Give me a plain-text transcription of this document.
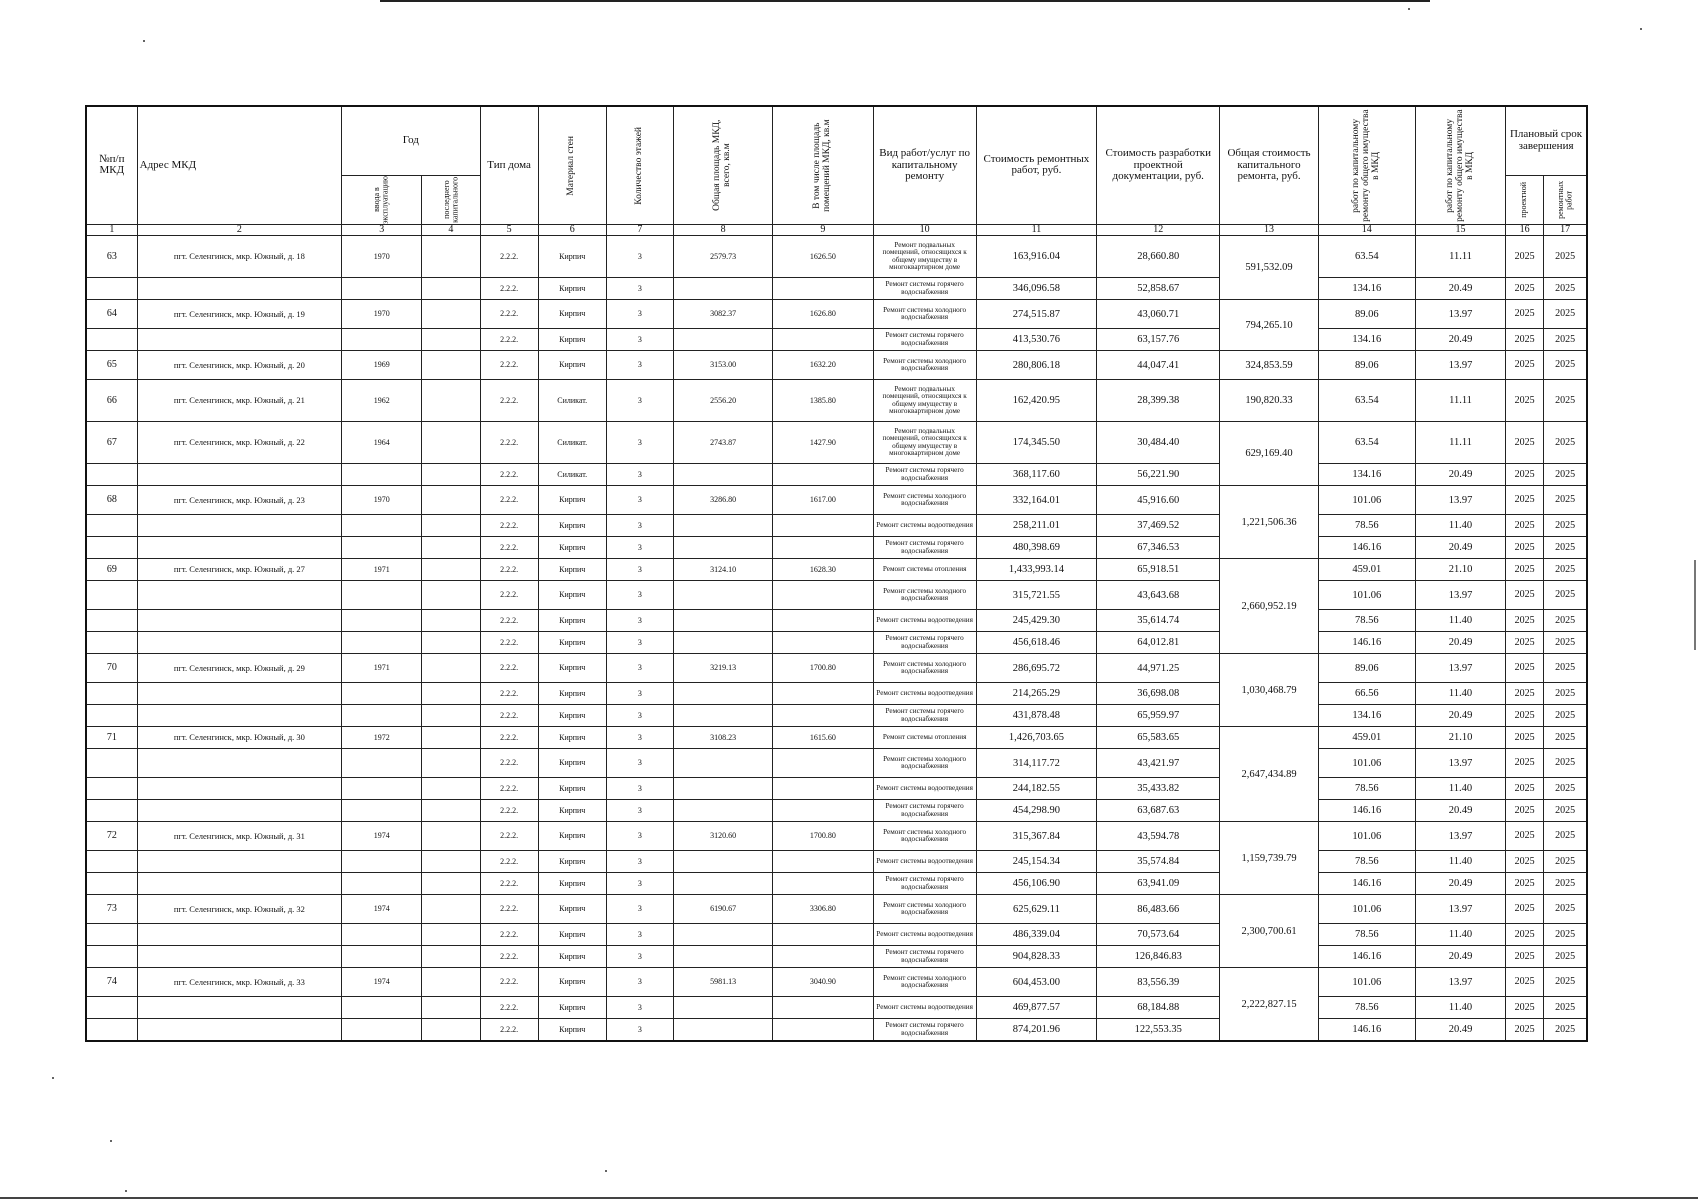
№п/п МКД	Адрес МКД	Год		Тип дома	Материал стен	Количество этажей	Общая площадь МКД, всего, кв.м	В том числе площадь помещений МКД, кв.м	Вид работ/услуг по капитальному ремонту	Стоимость ремонтных работ, руб.	Стоимость разработки проектной документации, руб.	Общая стоимость капитального ремонта, руб.	работ по капитальному ремонту общего имущества в МКД	работ по капитальному ремонту общего имущества в МКД	Плановый срок завершения	

		ввода в эксплуатацию	последнего капитального												проектной	ремонтных работ

1	2	3	4	5	6	7	8	9	10	11	12	13	14	15	16	17
63	пгт. Селенгинск, мкр. Южный, д. 18	1970		2.2.2.	Кирпич	3	2579.73	1626.50	Ремонт подвальных помещений, относящихся к общему имуществу в многоквартирном доме	163,916.04	28,660.80	591,532.09	63.54	11.11	2025	2025
				2.2.2.	Кирпич	3			Ремонт системы горячего водоснабжения	346,096.58	52,858.67		134.16	20.49	2025	2025
64	пгт. Селенгинск, мкр. Южный, д. 19	1970		2.2.2.	Кирпич	3	3082.37	1626.80	Ремонт системы холодного водоснабжения	274,515.87	43,060.71	794,265.10	89.06	13.97	2025	2025
				2.2.2.	Кирпич	3			Ремонт системы горячего водоснабжения	413,530.76	63,157.76		134.16	20.49	2025	2025
65	пгт. Селенгинск, мкр. Южный, д. 20	1969		2.2.2.	Кирпич	3	3153.00	1632.20	Ремонт системы холодного водоснабжения	280,806.18	44,047.41	324,853.59	89.06	13.97	2025	2025
66	пгт. Селенгинск, мкр. Южный, д. 21	1962		2.2.2.	Силикат.	3	2556.20	1385.80	Ремонт подвальных помещений, относящихся к общему имуществу в многоквартирном доме	162,420.95	28,399.38	190,820.33	63.54	11.11	2025	2025
67	пгт. Селенгинск, мкр. Южный, д. 22	1964		2.2.2.	Силикат.	3	2743.87	1427.90	Ремонт подвальных помещений, относящихся к общему имуществу в многоквартирном доме	174,345.50	30,484.40	629,169.40	63.54	11.11	2025	2025
				2.2.2.	Силикат.	3			Ремонт системы горячего водоснабжения	368,117.60	56,221.90		134.16	20.49	2025	2025
68	пгт. Селенгинск, мкр. Южный, д. 23	1970		2.2.2.	Кирпич	3	3286.80	1617.00	Ремонт системы холодного водоснабжения	332,164.01	45,916.60	1,221,506.36	101.06	13.97	2025	2025
				2.2.2.	Кирпич	3			Ремонт системы водоотведения	258,211.01	37,469.52		78.56	11.40	2025	2025
				2.2.2.	Кирпич	3			Ремонт системы горячего водоснабжения	480,398.69	67,346.53		146.16	20.49	2025	2025
69	пгт. Селенгинск, мкр. Южный, д. 27	1971		2.2.2.	Кирпич	3	3124.10	1628.30	Ремонт системы отопления	1,433,993.14	65,918.51	2,660,952.19	459.01	21.10	2025	2025
				2.2.2.	Кирпич	3			Ремонт системы холодного водоснабжения	315,721.55	43,643.68		101.06	13.97	2025	2025
				2.2.2.	Кирпич	3			Ремонт системы водоотведения	245,429.30	35,614.74		78.56	11.40	2025	2025
				2.2.2.	Кирпич	3			Ремонт системы горячего водоснабжения	456,618.46	64,012.81		146.16	20.49	2025	2025
70	пгт. Селенгинск, мкр. Южный, д. 29	1971		2.2.2.	Кирпич	3	3219.13	1700.80	Ремонт системы холодного водоснабжения	286,695.72	44,971.25	1,030,468.79	89.06	13.97	2025	2025
				2.2.2.	Кирпич	3			Ремонт системы водоотведения	214,265.29	36,698.08		66.56	11.40	2025	2025
				2.2.2.	Кирпич	3			Ремонт системы горячего водоснабжения	431,878.48	65,959.97		134.16	20.49	2025	2025
71	пгт. Селенгинск, мкр. Южный, д. 30	1972		2.2.2.	Кирпич	3	3108.23	1615.60	Ремонт системы отопления	1,426,703.65	65,583.65	2,647,434.89	459.01	21.10	2025	2025
				2.2.2.	Кирпич	3			Ремонт системы холодного водоснабжения	314,117.72	43,421.97		101.06	13.97	2025	2025
				2.2.2.	Кирпич	3			Ремонт системы водоотведения	244,182.55	35,433.82		78.56	11.40	2025	2025
				2.2.2.	Кирпич	3			Ремонт системы горячего водоснабжения	454,298.90	63,687.63		146.16	20.49	2025	2025
72	пгт. Селенгинск, мкр. Южный, д. 31	1974		2.2.2.	Кирпич	3	3120.60	1700.80	Ремонт системы холодного водоснабжения	315,367.84	43,594.78	1,159,739.79	101.06	13.97	2025	2025
				2.2.2.	Кирпич	3			Ремонт системы водоотведения	245,154.34	35,574.84		78.56	11.40	2025	2025
				2.2.2.	Кирпич	3			Ремонт системы горячего водоснабжения	456,106.90	63,941.09		146.16	20.49	2025	2025
73	пгт. Селенгинск, мкр. Южный, д. 32	1974		2.2.2.	Кирпич	3	6190.67	3306.80	Ремонт системы холодного водоснабжения	625,629.11	86,483.66	2,300,700.61	101.06	13.97	2025	2025
				2.2.2.	Кирпич	3			Ремонт системы водоотведения	486,339.04	70,573.64		78.56	11.40	2025	2025
				2.2.2.	Кирпич	3			Ремонт системы горячего водоснабжения	904,828.33	126,846.83		146.16	20.49	2025	2025
74	пгт. Селенгинск, мкр. Южный, д. 33	1974		2.2.2.	Кирпич	3	5981.13	3040.90	Ремонт системы холодного водоснабжения	604,453.00	83,556.39	2,222,827.15	101.06	13.97	2025	2025
				2.2.2.	Кирпич	3			Ремонт системы водоотведения	469,877.57	68,184.88		78.56	11.40	2025	2025
				2.2.2.	Кирпич	3			Ремонт системы горячего водоснабжения	874,201.96	122,553.35		146.16	20.49	2025	2025
